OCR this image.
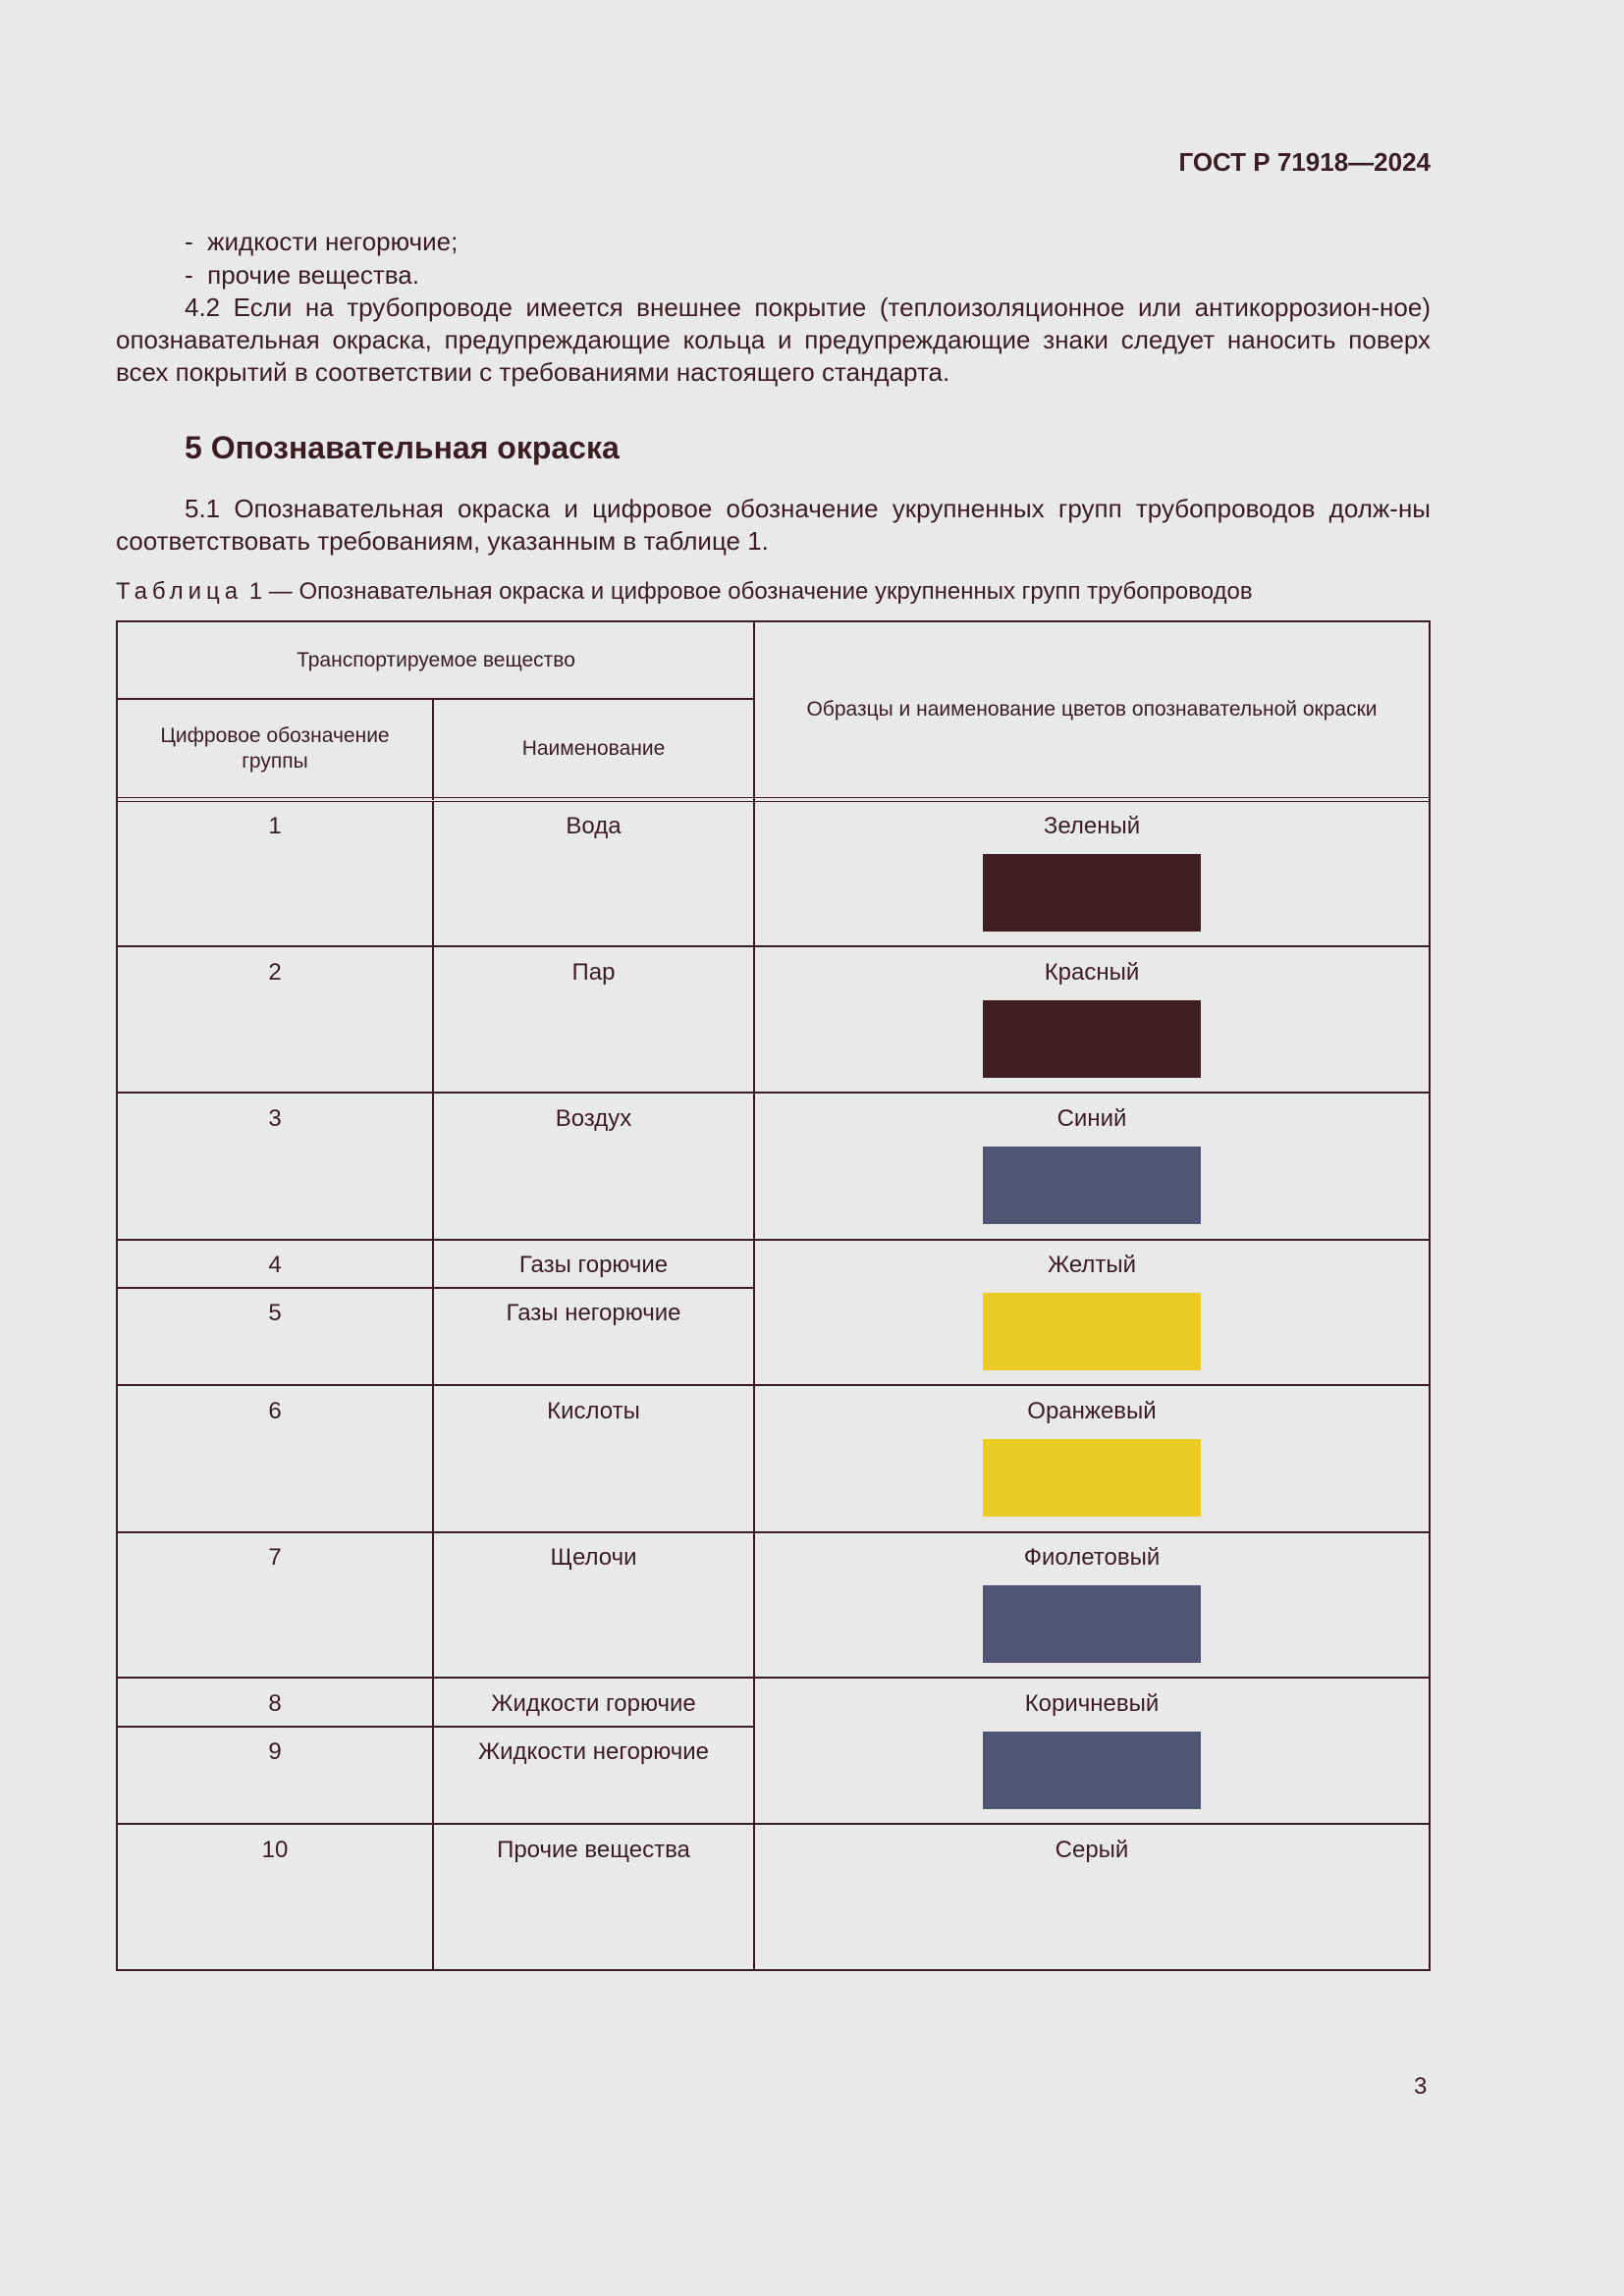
ГОСТ Р 71918—2024
-  жидкости негорючие;
-  прочие вещества.
4.2 Если на трубопроводе имеется внешнее покрытие (теплоизоляционное или антикоррозион-ное) опознавательная окраска, предупреждающие кольца и предупреждающие знаки следует наносить поверх всех покрытий в соответствии с требованиями настоящего стандарта.
5 Опознавательная окраска
5.1 Опознавательная окраска и цифровое обозначение укрупненных групп трубопроводов долж-ны соответствовать требованиям, указанным в таблице 1.
Таблица 1 — Опознавательная окраска и цифровое обозначение укрупненных групп трубопроводов
Транспортируемое вещество
Цифровое обозначение группы
Наименование
Образцы и наименование цветов опознавательной окраски
1
2
3
4
5
6
7
8
9
10
Вода
Пар
Воздух
Газы горючие
Газы негорючие
Кислоты
Щелочи
Жидкости горючие
Жидкости негорючие
Прочие вещества
Зеленый
Красный
Синий
Желтый
Оранжевый
Фиолетовый
Коричневый
Серый
3
